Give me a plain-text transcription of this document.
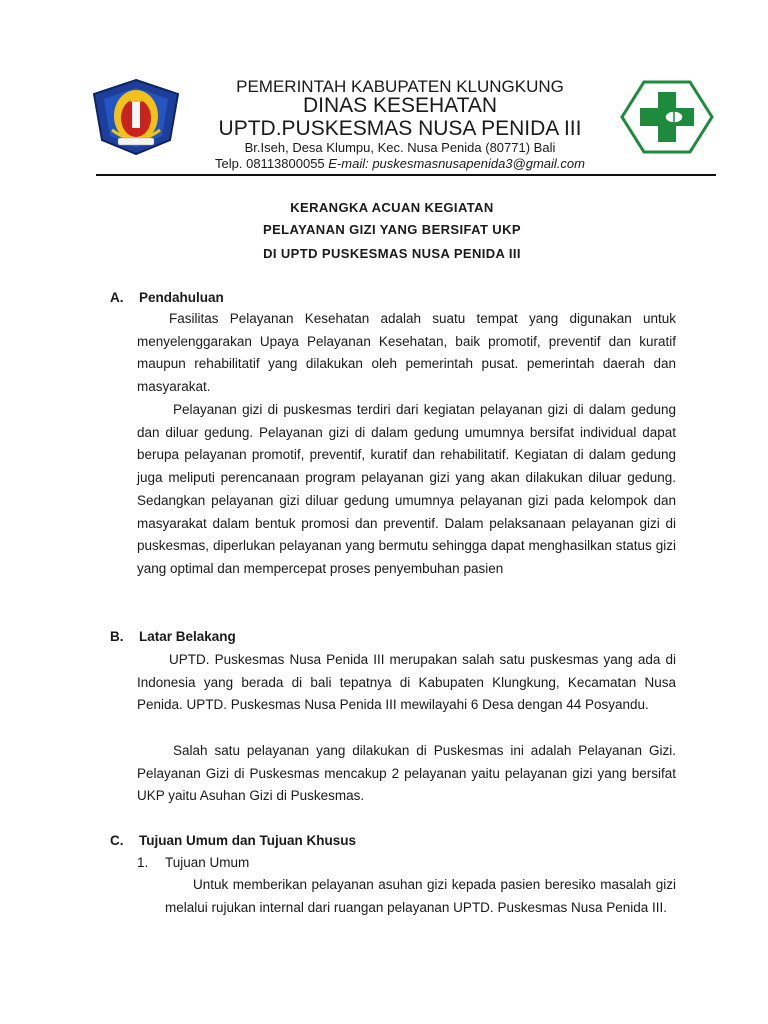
PEMERINTAH KABUPATEN KLUNGKUNG
DINAS KESEHATAN
UPTD.PUSKESMAS NUSA PENIDA III
Br.Iseh, Desa Klumpu, Kec. Nusa Penida (80771) Bali
Telp. 08113800055 E-mail: puskesmasnusapenida3@gmail.com
KERANGKA ACUAN KEGIATAN
PELAYANAN GIZI YANG BERSIFAT UKP
DI UPTD PUSKESMAS NUSA PENIDA III
A. Pendahuluan
Fasilitas Pelayanan Kesehatan adalah suatu tempat yang digunakan untuk menyelenggarakan Upaya Pelayanan Kesehatan, baik promotif, preventif dan kuratif maupun rehabilitatif yang dilakukan oleh pemerintah pusat. pemerintah daerah dan masyarakat.
Pelayanan gizi di puskesmas terdiri dari kegiatan pelayanan gizi di dalam gedung dan diluar gedung. Pelayanan gizi di dalam gedung umumnya bersifat individual dapat berupa pelayanan promotif, preventif, kuratif dan rehabilitatif. Kegiatan di dalam gedung juga meliputi perencanaan program pelayanan gizi yang akan dilakukan diluar gedung. Sedangkan pelayanan gizi diluar gedung umumnya pelayanan gizi pada kelompok dan masyarakat dalam bentuk promosi dan preventif. Dalam pelaksanaan pelayanan gizi di puskesmas, diperlukan pelayanan yang bermutu sehingga dapat menghasilkan status gizi yang optimal dan mempercepat proses penyembuhan pasien
B. Latar Belakang
UPTD. Puskesmas Nusa Penida III merupakan salah satu puskesmas yang ada di Indonesia yang berada di bali tepatnya di Kabupaten Klungkung, Kecamatan Nusa Penida. UPTD. Puskesmas Nusa Penida III mewilayahi 6 Desa dengan 44 Posyandu.
Salah satu pelayanan yang dilakukan di Puskesmas ini adalah Pelayanan Gizi. Pelayanan Gizi di Puskesmas mencakup 2 pelayanan yaitu pelayanan gizi yang bersifat UKP yaitu Asuhan Gizi di Puskesmas.
C. Tujuan Umum dan Tujuan Khusus
1. Tujuan Umum
Untuk memberikan pelayanan asuhan gizi kepada pasien beresiko masalah gizi melalui rujukan internal dari ruangan pelayanan UPTD. Puskesmas Nusa Penida III.
